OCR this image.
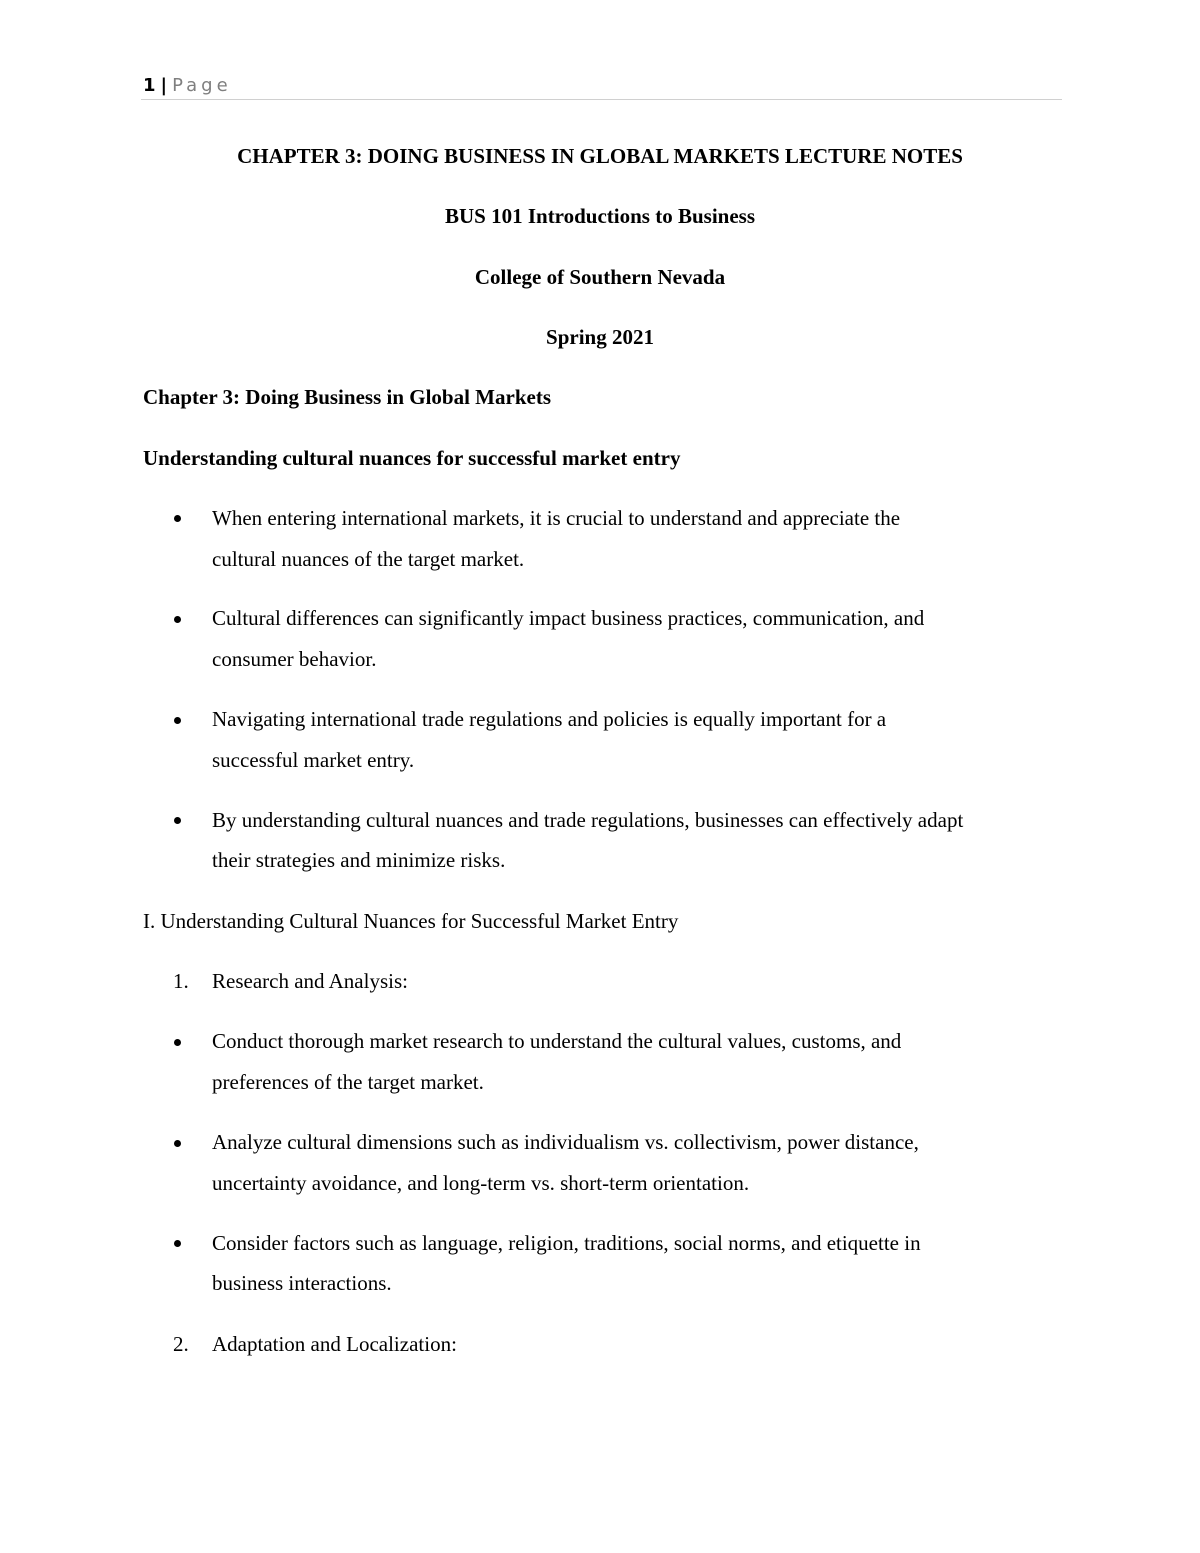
1 | Page
CHAPTER 3: DOING BUSINESS IN GLOBAL MARKETS LECTURE NOTES
BUS 101 Introductions to Business
College of Southern Nevada
Spring 2021
Chapter 3: Doing Business in Global Markets
Understanding cultural nuances for successful market entry
When entering international markets, it is crucial to understand and appreciate the
cultural nuances of the target market.
Cultural differences can significantly impact business practices, communication, and
consumer behavior.
Navigating international trade regulations and policies is equally important for a
successful market entry.
By understanding cultural nuances and trade regulations, businesses can effectively adapt
their strategies and minimize risks.
I. Understanding Cultural Nuances for Successful Market Entry
1. Research and Analysis:
Conduct thorough market research to understand the cultural values, customs, and
preferences of the target market.
Analyze cultural dimensions such as individualism vs. collectivism, power distance,
uncertainty avoidance, and long-term vs. short-term orientation.
Consider factors such as language, religion, traditions, social norms, and etiquette in
business interactions.
2. Adaptation and Localization:
